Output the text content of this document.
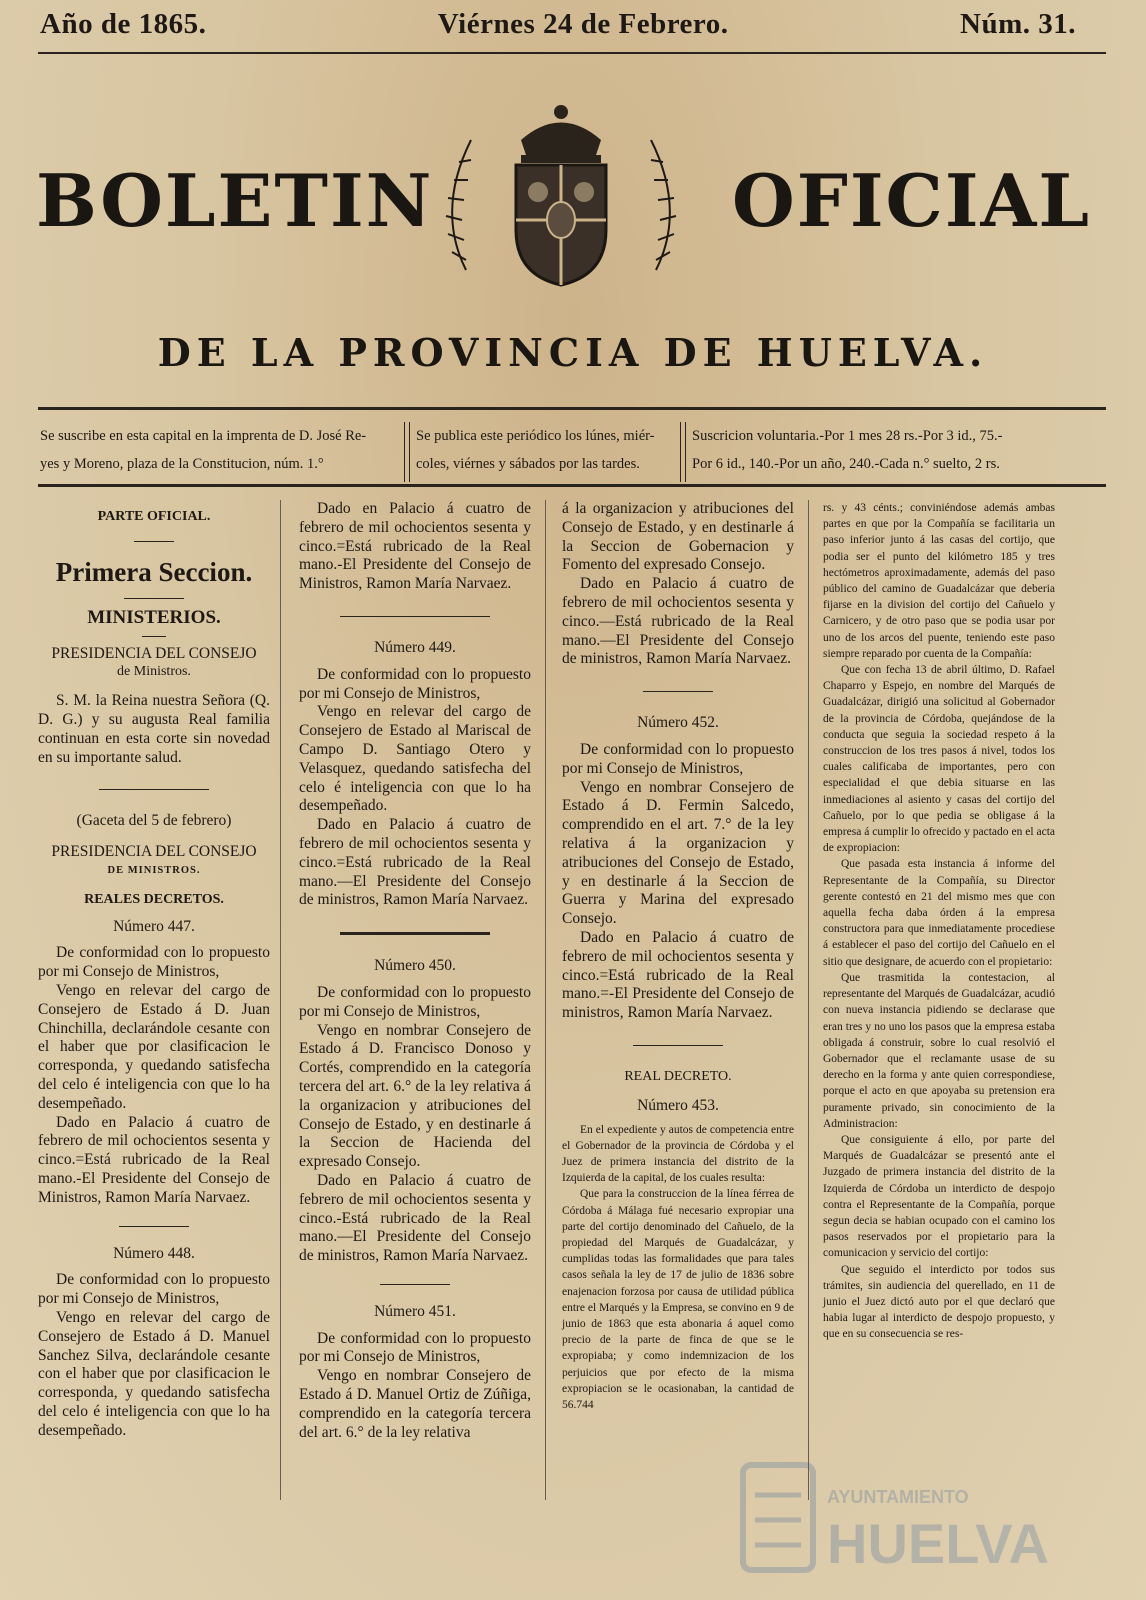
Año de 1865.	Viérnes 24 de Febrero.	Núm. 31.
BOLETIN	OFICIAL
DE LA PROVINCIA DE HUELVA.
Se suscribe en esta capital en la imprenta de D. José Re-
yes y Moreno, plaza de la Constitucion, núm. 1.°
Se publica este periódico los lúnes, miér-
coles, viérnes y sábados por las tardes.
Suscricion voluntaria.-Por 1 mes 28 rs.-Por 3 id., 75.-
Por 6 id., 140.-Por un año, 240.-Cada n.° suelto, 2 rs.
PARTE OFICIAL.
Primera Seccion.
MINISTERIOS.
PRESIDENCIA DEL CONSEJO
de Ministros.

S. M. la Reina nuestra Señora (Q. D. G.) y su augusta Real familia continuan en esta corte sin novedad en su importante salud.

(Gaceta del 5 de febrero)
PRESIDENCIA DEL CONSEJO
DE MINISTROS.
REALES DECRETOS.
Número 447.

De conformidad con lo propuesto por mi Consejo de Ministros,

Vengo en relevar del cargo de Consejero de Estado á D. Juan Chinchilla, declarándole cesante con el haber que por clasificacion le corresponda, y quedando satisfecha del celo é inteligencia con que lo ha desempeñado.

Dado en Palacio á cuatro de febrero de mil ochocientos sesenta y cinco.=Está rubricado de la Real mano.-El Presidente del Consejo de Ministros, Ramon María Narvaez.

Número 448.

De conformidad con lo propuesto por mi Consejo de Ministros,

Vengo en relevar del cargo de Consejero de Estado á D. Manuel Sanchez Silva, declarándole cesante con el haber que por clasificacion le corresponda, y quedando satisfecha del celo é inteligencia con que lo ha desempeñado.

Dado en Palacio á cuatro de febrero de mil ochocientos sesenta y cinco.=Está rubricado de la Real mano.-El Presidente del Consejo de Ministros, Ramon María Narvaez.

Número 449.

De conformidad con lo propuesto por mi Consejo de Ministros,

Vengo en relevar del cargo de Consejero de Estado al Mariscal de Campo D. Santiago Otero y Velasquez, quedando satisfecha del celo é inteligencia con que lo ha desempeñado.

Dado en Palacio á cuatro de febrero de mil ochocientos sesenta y cinco.=Está rubricado de la Real mano.—El Presidente del Consejo de ministros, Ramon María Narvaez.

Número 450.

De conformidad con lo propuesto por mi Consejo de Ministros,

Vengo en nombrar Consejero de Estado á D. Francisco Donoso y Cortés, comprendido en la categoría tercera del art. 6.° de la ley relativa á la organizacion y atribuciones del Consejo de Estado, y en destinarle á la Seccion de Hacienda del expresado Consejo.

Dado en Palacio á cuatro de febrero de mil ochocientos sesenta y cinco.-Está rubricado de la Real mano.—El Presidente del Consejo de ministros, Ramon María Narvaez.

Número 451.

De conformidad con lo propuesto por mi Consejo de Ministros,

Vengo en nombrar Consejero de Estado á D. Manuel Ortiz de Zúñiga, comprendido en la categoría tercera del art. 6.° de la ley relativa

á la organizacion y atribuciones del Consejo de Estado, y en destinarle á la Seccion de Gobernacion y Fomento del expresado Consejo.

Dado en Palacio á cuatro de febrero de mil ochocientos sesenta y cinco.—Está rubricado de la Real mano.—El Presidente del Consejo de ministros, Ramon María Narvaez.

Número 452.

De conformidad con lo propuesto por mi Consejo de Ministros,

Vengo en nombrar Consejero de Estado á D. Fermin Salcedo, comprendido en el art. 7.° de la ley relativa á la organizacion y atribuciones del Consejo de Estado, y en destinarle á la Seccion de Guerra y Marina del expresado Consejo.

Dado en Palacio á cuatro de febrero de mil ochocientos sesenta y cinco.=Está rubricado de la Real mano.=-El Presidente del Consejo de ministros, Ramon María Narvaez.

REAL DECRETO.
Número 453.

En el expediente y autos de competencia entre el Gobernador de la provincia de Córdoba y el Juez de primera instancia del distrito de la Izquierda de la capital, de los cuales resulta:

Que para la construccion de la línea férrea de Córdoba á Málaga fué necesario expropiar una parte del cortijo denominado del Cañuelo, de la propiedad del Marqués de Guadalcázar, y cumplidas todas las formalidades que para tales casos señala la ley de 17 de julio de 1836 sobre enajenacion forzosa por causa de utilidad pública entre el Marqués y la Empresa, se convino en 9 de junio de 1863 que esta abonaria á aquel como precio de la parte de finca de que se le expropiaba; y como indemnizacion de los perjuicios que por efecto de la misma expropiacion se le ocasionaban, la cantidad de 56.744

rs. y 43 cénts.; conviniéndose además ambas partes en que por la Compañía se facilitaria un paso inferior junto á las casas del cortijo, que podia ser el punto del kilómetro 185 y tres hectómetros aproximadamente, además del paso público del camino de Guadalcázar que deberia fijarse en la division del cortijo del Cañuelo y Carnicero, y de otro paso que se podia usar por uno de los arcos del puente, teniendo este paso siempre reparado por cuenta de la Compañía:

Que con fecha 13 de abril último, D. Rafael Chaparro y Espejo, en nombre del Marqués de Guadalcázar, dirigió una solicitud al Gobernador de la provincia de Córdoba, quejándose de la conducta que seguia la sociedad respeto á la construccion de los tres pasos á nivel, todos los cuales calificaba de importantes, pero con especialidad el que debia situarse en las inmediaciones al asiento y casas del cortijo del Cañuelo, por lo que pedia se obligase á la empresa á cumplir lo ofrecido y pactado en el acta de expropiacion:

Que pasada esta instancia á informe del Representante de la Compañía, su Director gerente contestó en 21 del mismo mes que con aquella fecha daba órden á la empresa constructora para que inmediatamente procediese á establecer el paso del cortijo del Cañuelo en el sitio que designare, de acuerdo con el propietario:

Que trasmitida la contestacion, al representante del Marqués de Guadalcázar, acudió con nueva instancia pidiendo se declarase que eran tres y no uno los pasos que la empresa estaba obligada á construir, sobre lo cual resolvió el Gobernador que el reclamante usase de su derecho en la forma y ante quien correspondiese, porque el acto en que apoyaba su pretension era puramente privado, sin conocimiento de la Administracion:

Que consiguiente á ello, por parte del Marqués de Guadalcázar se presentó ante el Juzgado de primera instancia del distrito de la Izquierda de Córdoba un interdicto de despojo contra el Representante de la Compañía, porque segun decia se habian ocupado con el camino los pasos reservados por el propietario para la comunicacion y servicio del cortijo:

Que seguido el interdicto por todos sus trámites, sin audiencia del querellado, en 11 de junio el Juez dictó auto por el que declaró que habia lugar al interdicto de despojo propuesto, y que en su consecuencia se res-

AYUNTAMIENTO
HUELVA
